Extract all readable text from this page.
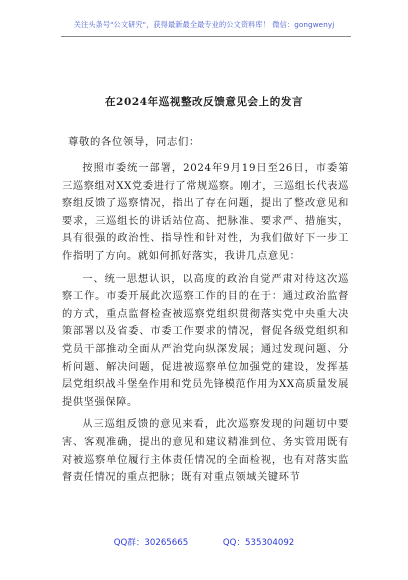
关注头条号"公文研究"，获得最新最全最专业的公文资料库！ 微信：gongwenyj
在2024年巡视整改反馈意见会上的发言
尊敬的各位领导，同志们：

按照市委统一部署，2024年9月19日至26日，市委第三巡察组对XX党委进行了常规巡察。刚才，三巡组长代表巡察组反馈了巡察情况，指出了存在问题，提出了整改意见和要求，三巡组长的讲话站位高、把脉准、要求严、措施实，具有很强的政治性、指导性和针对性，为我们做好下一步工作指明了方向。就如何抓好落实，我讲几点意见：

一、统一思想认识，以高度的政治自觉严肃对待这次巡察工作。市委开展此次巡察工作的目的在于：通过政治监督的方式，重点监督检查被巡察党组织贯彻落实党中央重大决策部署以及省委、市委工作要求的情况，督促各级党组织和党员干部推动全面从严治党向纵深发展；通过发现问题、分析问题、解决问题，促进被巡察单位加强党的建设，发挥基层党组织战斗堡垒作用和党员先锋模范作用为XX高质量发展提供坚强保障。

从三巡组反馈的意见来看，此次巡察发现的问题切中要害、客观准确，提出的意见和建议精准到位、务实管用既有对被巡察单位履行主体责任情况的全面检视，也有对落实监督责任情况的重点把脉；既有对重点领域关键环节

QQ群：30265665	QQ：535304092
